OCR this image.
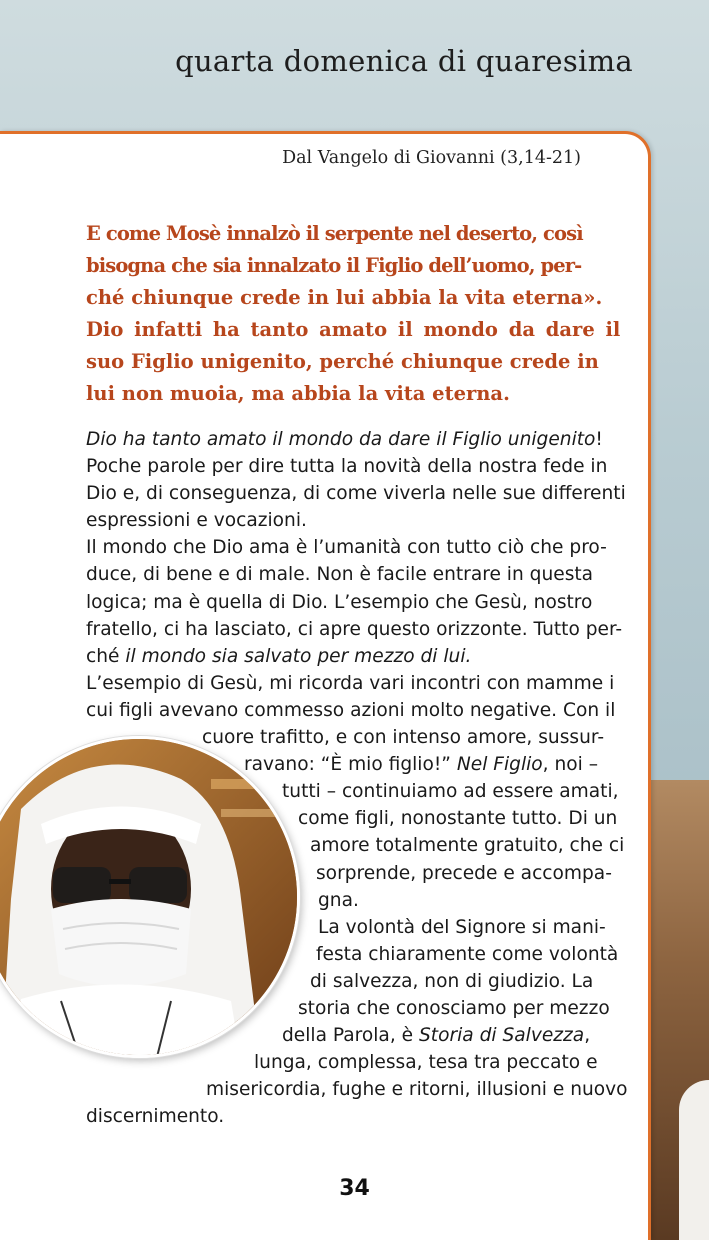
quarta domenica di quaresima

Dal Vangelo di Giovanni (3,14-21)

E come Mosè innalzò il serpente nel deserto, così
bisogna che sia innalzato il Figlio dell’uomo, per-
ché chiunque crede in lui abbia la vita eterna».
Dio infatti ha tanto amato il mondo da dare il
suo Figlio unigenito, perché chiunque crede in
lui non muoia, ma abbia la vita eterna.

Dio ha tanto amato il mondo da dare il Figlio unigenito!
Poche parole per dire tutta la novità della nostra fede in
Dio e, di conseguenza, di come viverla nelle sue differenti
espressioni e vocazioni.
Il mondo che Dio ama è l’umanità con tutto ciò che pro-
duce, di bene e di male. Non è facile entrare in questa
logica; ma è quella di Dio. L’esempio che Gesù, nostro
fratello, ci ha lasciato, ci apre questo orizzonte. Tutto per-
ché il mondo sia salvato per mezzo di lui.
L’esempio di Gesù, mi ricorda vari incontri con mamme i
cui figli avevano commesso azioni molto negative. Con il
cuore trafitto, e con intenso amore, sussur-
ravano: “È mio figlio!” Nel Figlio, noi –
tutti – continuiamo ad essere amati,
come figli, nonostante tutto. Di un
amore totalmente gratuito, che ci
sorprende, precede e accompa-
gna.
La volontà del Signore si mani-
festa chiaramente come volontà
di salvezza, non di giudizio. La
storia che conosciamo per mezzo
della Parola, è Storia di Salvezza,
lunga, complessa, tesa tra peccato e
misericordia, fughe e ritorni, illusioni e nuovo
discernimento.

34
